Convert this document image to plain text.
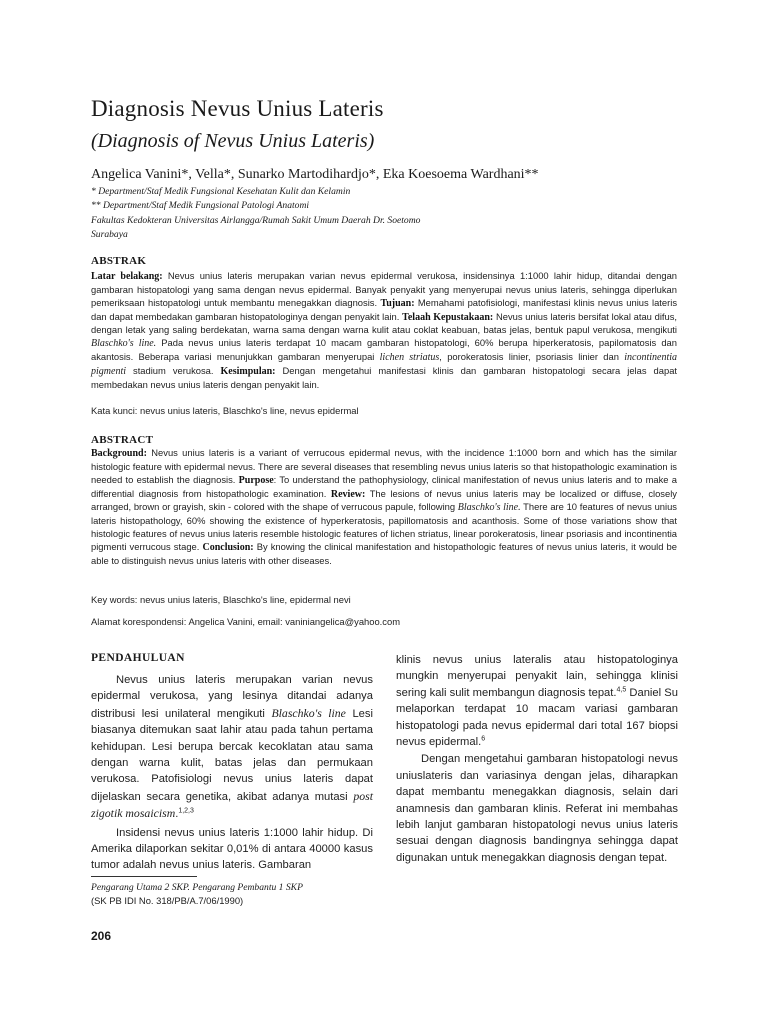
Diagnosis Nevus Unius Lateris
(Diagnosis of Nevus Unius Lateris)
Angelica Vanini*, Vella*, Sunarko Martodihardjo*, Eka Koesoema Wardhani**
* Department/Staf Medik Fungsional Kesehatan Kulit dan Kelamin
** Department/Staf Medik Fungsional Patologi Anatomi
Fakultas Kedokteran Universitas Airlangga/Rumah Sakit Umum Daerah Dr. Soetomo
Surabaya
ABSTRAK
Latar belakang: Nevus unius lateris merupakan varian nevus epidermal verukosa, insidensinya 1:1000 lahir hidup, ditandai dengan gambaran histopatologi yang sama dengan nevus epidermal. Banyak penyakit yang menyerupai nevus unius lateris, sehingga diperlukan pemeriksaan histopatologi untuk membantu menegakkan diagnosis. Tujuan: Memahami patofisiologi, manifestasi klinis nevus unius lateris dan dapat membedakan gambaran histopatologinya dengan penyakit lain. Telaah Kepustakaan: Nevus unius lateris bersifat lokal atau difus, dengan letak yang saling berdekatan, warna sama dengan warna kulit atau coklat keabuan, batas jelas, bentuk papul verukosa, mengikuti Blaschko's line. Pada nevus unius lateris terdapat 10 macam gambaran histopatologi, 60% berupa hiperkeratosis, papilomatosis dan akantosis. Beberapa variasi menunjukkan gambaran menyerupai lichen striatus, porokeratosis linier, psoriasis linier dan incontinentia pigmenti stadium verukosa. Kesimpulan: Dengan mengetahui manifestasi klinis dan gambaran histopatologi secara jelas dapat membedakan nevus unius lateris dengan penyakit lain.
Kata kunci: nevus unius lateris, Blaschko's line, nevus epidermal
ABSTRACT
Background: Nevus unius lateris is a variant of verrucous epidermal nevus, with the incidence 1:1000 born and which has the similar histologic feature with epidermal nevus. There are several diseases that resembling nevus unius lateris so that histopathologic examination is needed to establish the diagnosis. Purpose: To understand the pathophysiology, clinical manifestation of nevus unius lateris and to make a differential diagnosis from histopathologic examination. Review: The lesions of nevus unius lateris may be localized or diffuse, closely arranged, brown or grayish, skin - colored with the shape of verrucous papule, following Blaschko's line. There are 10 features of nevus unius lateris histopathology, 60% showing the existence of hyperkeratosis, papillomatosis and acanthosis. Some of those variations show that histologic features of nevus unius lateris resemble histologic features of lichen striatus, linear porokeratosis, linear psoriasis and incontinentia pigmenti verrucous stage. Conclusion: By knowing the clinical manifestation and histopathologic features of nevus unius lateris, it would be able to distinguish nevus unius lateris with other diseases.
Key words: nevus unius lateris, Blaschko's line, epidermal nevi
Alamat korespondensi: Angelica Vanini, email: vaniniangelica@yahoo.com
PENDAHULUAN

Nevus unius lateris merupakan varian nevus epidermal verukosa, yang lesinya ditandai adanya distribusi lesi unilateral mengikuti Blaschko's line Lesi biasanya ditemukan saat lahir atau pada tahun pertama kehidupan. Lesi berupa bercak kecoklatan atau sama dengan warna kulit, batas jelas dan permukaan verukosa. Patofisiologi nevus unius lateris dapat dijelaskan secara genetika, akibat adanya mutasi post zigotik mosaicism.$^{1,2,3}$

Insidensi nevus unius lateris 1:1000 lahir hidup. Di Amerika dilaporkan sekitar 0,01% di antara 40000 kasus tumor adalah nevus unius lateris. Gambaran

klinis nevus unius lateralis atau histopatologinya mungkin menyerupai penyakit lain, sehingga klinisi sering kali sulit membangun diagnosis tepat.$^{4,5}$ Daniel Su melaporkan terdapat 10 macam variasi gambaran histopatologi pada nevus epidermal dari total 167 biopsi nevus epidermal.$^6$

Dengan mengetahui gambaran histopatologi nevus uniuslateris dan variasinya dengan jelas, diharapkan dapat membantu menegakkan diagnosis, selain dari anamnesis dan gambaran klinis. Referat ini membahas lebih lanjut gambaran histopatologi nevus unius lateris sesuai dengan diagnosis bandingnya sehingga dapat digunakan untuk menegakkan diagnosis dengan tepat.

Pengarang Utama 2 SKP. Pengarang Pembantu 1 SKP
(SK PB IDI No. 318/PB/A.7/06/1990)
206
